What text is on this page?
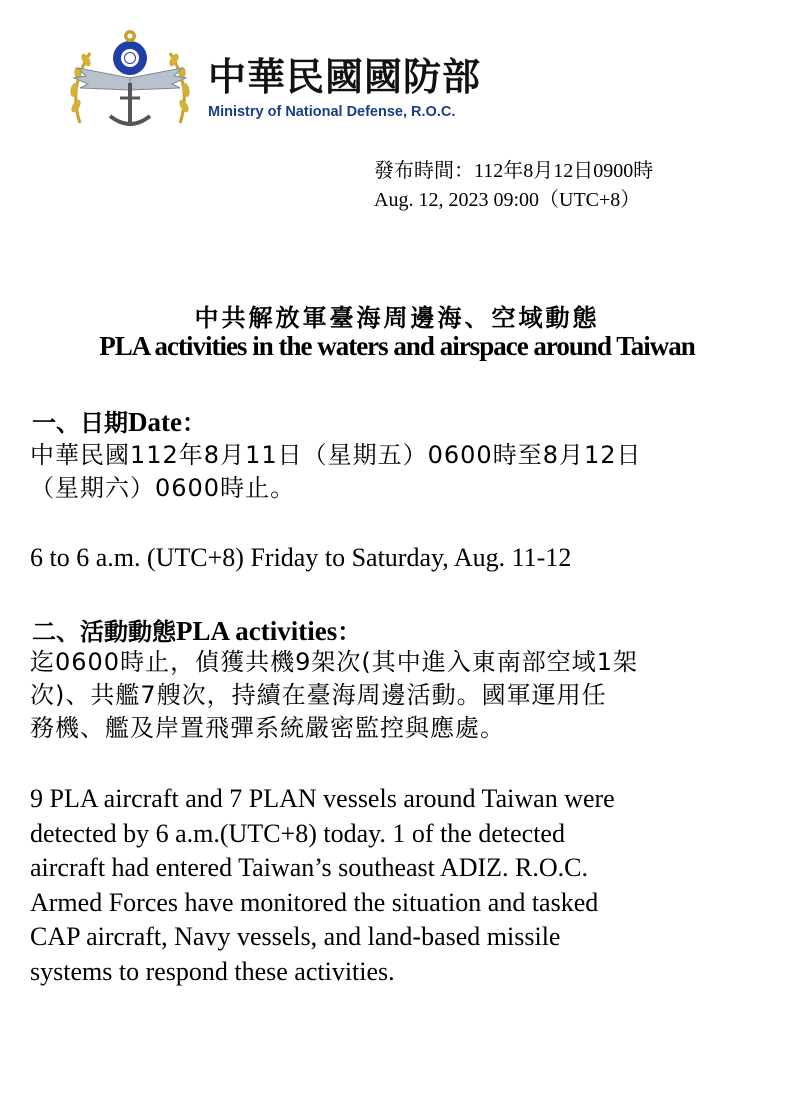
中華民國國防部
Ministry of National Defense, R.O.C.
發布時間：112年8月12日0900時
Aug. 12, 2023 09:00（UTC+8）
中共解放軍臺海周邊海、空域動態
PLA activities in the waters and airspace around Taiwan
一、日期Date：
中華民國112年8月11日（星期五）0600時至8月12日
（星期六）0600時止。
6 to 6 a.m. (UTC+8) Friday to Saturday, Aug. 11-12
二、活動動態PLA activities：
迄0600時止，偵獲共機9架次(其中進入東南部空域1架
次)、共艦7艘次，持續在臺海周邊活動。國軍運用任
務機、艦及岸置飛彈系統嚴密監控與應處。
9 PLA aircraft and 7 PLAN vessels around Taiwan were
detected by 6 a.m.(UTC+8) today. 1 of the detected
aircraft had entered Taiwan’s southeast ADIZ. R.O.C.
Armed Forces have monitored the situation and tasked
CAP aircraft, Navy vessels, and land-based missile
systems to respond these activities.
